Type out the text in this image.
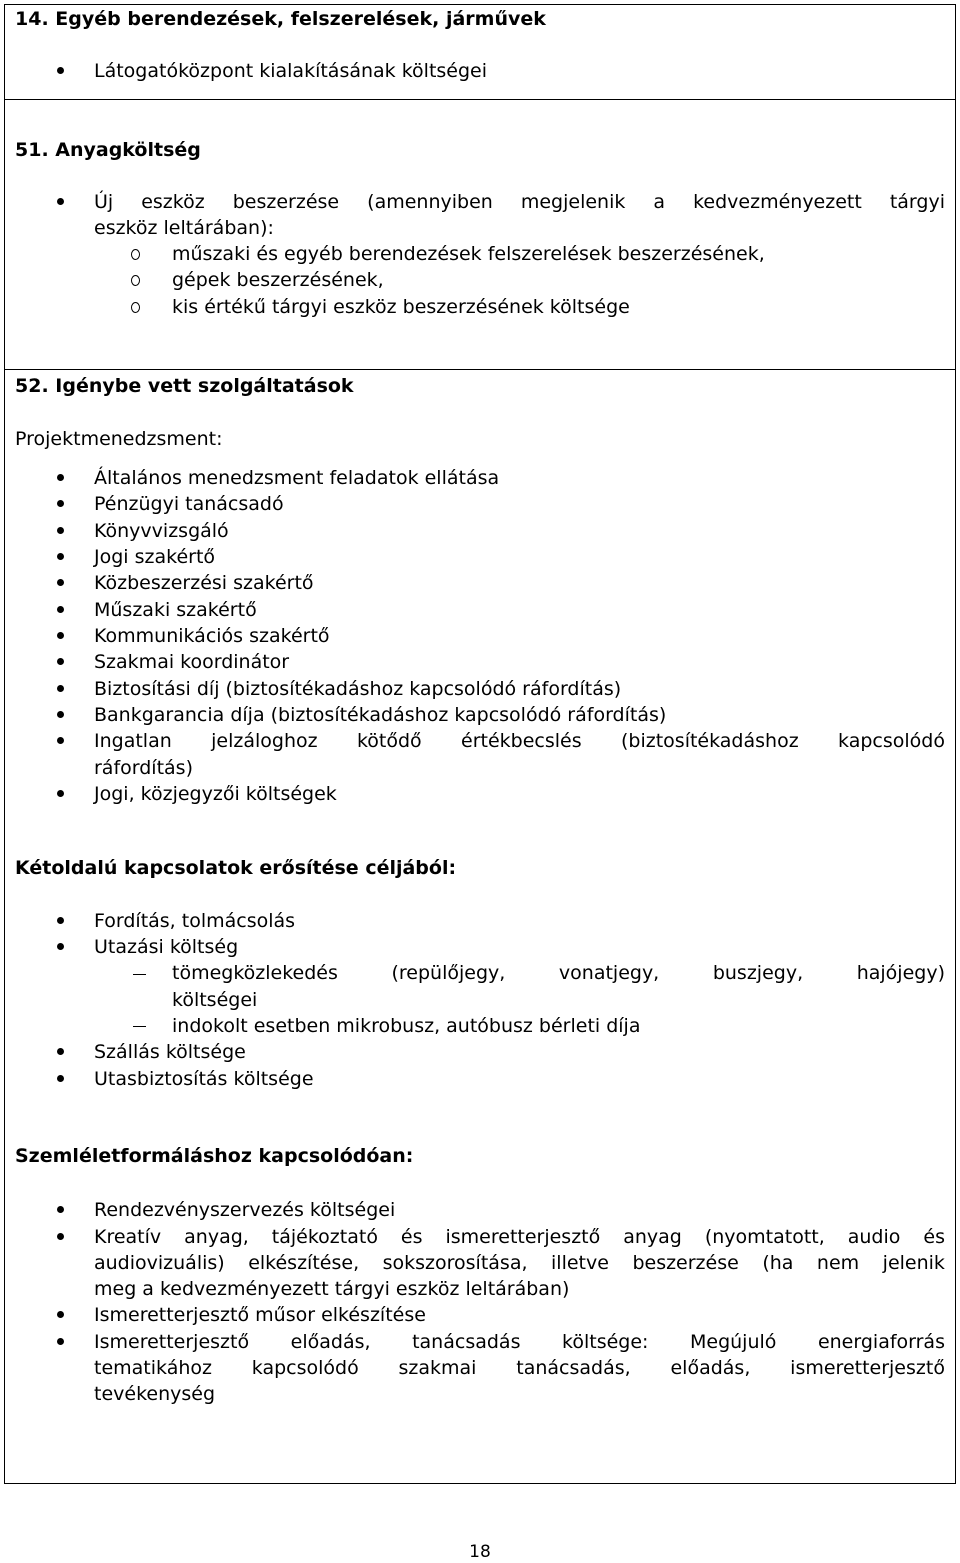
14. Egyéb berendezések, felszerelések, járművek
Látogatóközpont kialakításának költségei
51. Anyagköltség
Új eszköz beszerzése (amennyiben megjelenik a kedvezményezett tárgyi
eszköz leltárában):
műszaki és egyéb berendezések felszerelések beszerzésének,
gépek beszerzésének,
kis értékű tárgyi eszköz beszerzésének költsége
52. Igénybe vett szolgáltatások
Projektmenedzsment:
Általános menedzsment feladatok ellátása
Pénzügyi tanácsadó
Könyvvizsgáló
Jogi szakértő
Közbeszerzési szakértő
Műszaki szakértő
Kommunikációs szakértő
Szakmai koordinátor
Biztosítási díj (biztosítékadáshoz kapcsolódó ráfordítás)
Bankgarancia díja (biztosítékadáshoz kapcsolódó ráfordítás)
Ingatlan jelzáloghoz kötődő értékbecslés (biztosítékadáshoz kapcsolódó
ráfordítás)
Jogi, közjegyzői költségek
Kétoldalú kapcsolatok erősítése céljából:
Fordítás, tolmácsolás
Utazási költség
tömegközlekedés	(repülőjegy,	vonatjegy,	buszjegy,	hajójegy)
költségei
indokolt esetben mikrobusz, autóbusz bérleti díja
Szállás költsége
Utasbiztosítás költsége
Szemléletformáláshoz kapcsolódóan:
Rendezvényszervezés költségei
Kreatív anyag, tájékoztató és ismeretterjesztő anyag (nyomtatott, audio és
audiovizuális) elkészítése, sokszorosítása, illetve beszerzése (ha nem jelenik
meg a kedvezményezett tárgyi eszköz leltárában)
Ismeretterjesztő műsor elkészítése
Ismeretterjesztő előadás, tanácsadás költsége: Megújuló energiaforrás
tematikához kapcsolódó szakmai tanácsadás, előadás, ismeretterjesztő
tevékenység
18
